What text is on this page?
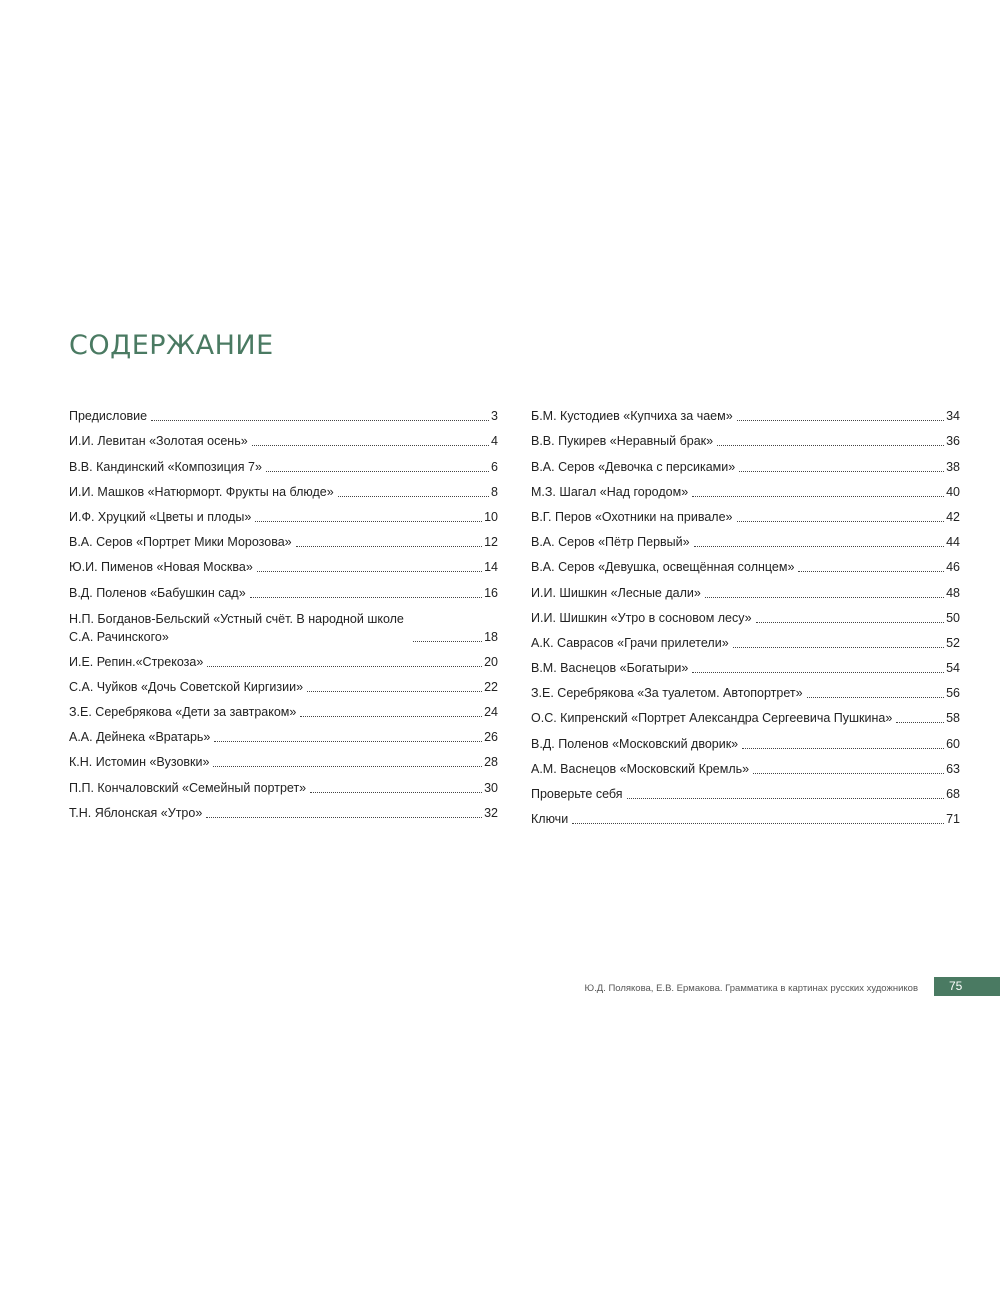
СОДЕРЖАНИЕ
Предисловие	3
И.И. Левитан «Золотая осень»	4
В.В. Кандинский «Композиция 7»	6
И.И. Машков «Натюрморт. Фрукты на блюде»	8
И.Ф. Хруцкий «Цветы и плоды»	10
В.А. Серов «Портрет Мики Морозова»	12
Ю.И. Пименов «Новая Москва»	14
В.Д. Поленов «Бабушкин сад»	16
Н.П. Богданов-Бельский «Устный счёт. В народной школе С.А. Рачинского»	18
И.Е. Репин.«Стрекоза»	20
С.А. Чуйков «Дочь Советской Киргизии»	22
З.Е. Серебрякова «Дети за завтраком»	24
А.А. Дейнека «Вратарь»	26
К.Н. Истомин «Вузовки»	28
П.П. Кончаловский «Семейный портрет»	30
Т.Н. Яблонская «Утро»	32
Б.М. Кустодиев «Купчиха за чаем»	34
В.В. Пукирев «Неравный брак»	36
В.А. Серов «Девочка с персиками»	38
М.З. Шагал «Над городом»	40
В.Г. Перов «Охотники на привале»	42
В.А. Серов «Пётр Первый»	44
В.А. Серов «Девушка, освещённая солнцем»	46
И.И. Шишкин «Лесные дали»	48
И.И. Шишкин «Утро в сосновом лесу»	50
А.К. Саврасов «Грачи прилетели»	52
В.М. Васнецов «Богатыри»	54
З.Е. Серебрякова «За туалетом. Автопортрет»	56
О.С. Кипренский «Портрет Александра Сергеевича Пушкина»	58
В.Д. Поленов «Московский дворик»	60
А.М. Васнецов «Московский Кремль»	63
Проверьте себя	68
Ключи	71
Ю.Д. Полякова, Е.В. Ермакова. Грамматика в картинах русских художников	75
